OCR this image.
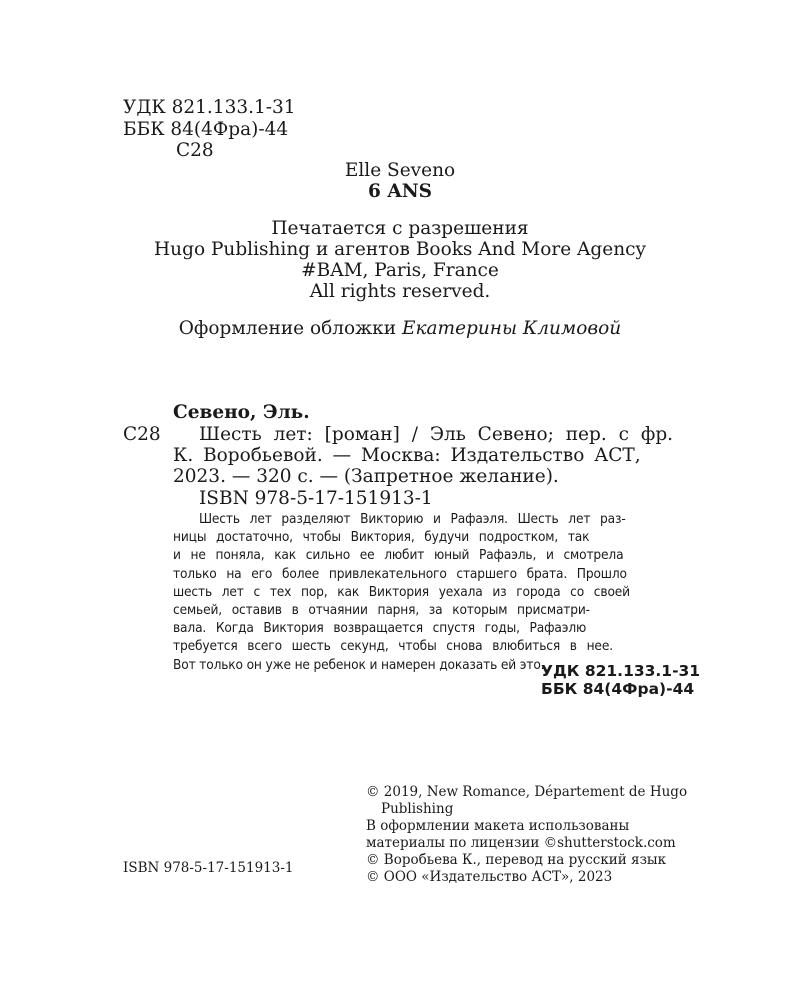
УДК 821.133.1-31
ББК 84(4Фра)-44
С28
Elle Seveno
6 ANS
Печатается с разрешения
Hugo Publishing и агентов Books And More Agency
#BAM, Paris, France
All rights reserved.
Оформление обложки Екатерины Климовой
Севено, Эль.
С28 Шесть лет: [роман] / Эль Севено; пер. с фр.
К. Воробьевой. — Москва: Издательство АСТ,
2023. — 320 с. — (Запретное желание).
ISBN 978-5-17-151913-1
Шесть лет разделяют Викторию и Рафаэля. Шесть лет раз-
ницы достаточно, чтобы Виктория, будучи подростком, так
и не поняла, как сильно ее любит юный Рафаэль, и смотрела
только на его более привлекательного старшего брата. Прошло
шесть лет с тех пор, как Виктория уехала из города со своей
семьей, оставив в отчаянии парня, за которым присматри-
вала. Когда Виктория возвращается спустя годы, Рафаэлю
требуется всего шесть секунд, чтобы снова влюбиться в нее.
Вот только он уже не ребенок и намерен доказать ей это.
УДК 821.133.1-31
ББК 84(4Фра)-44
ISBN 978-5-17-151913-1
© 2019, New Romance, Département de Hugo
Publishing
В оформлении макета использованы
материалы по лицензии ©shutterstock.com
© Воробьева К., перевод на русский язык
© ООО «Издательство АСТ», 2023
